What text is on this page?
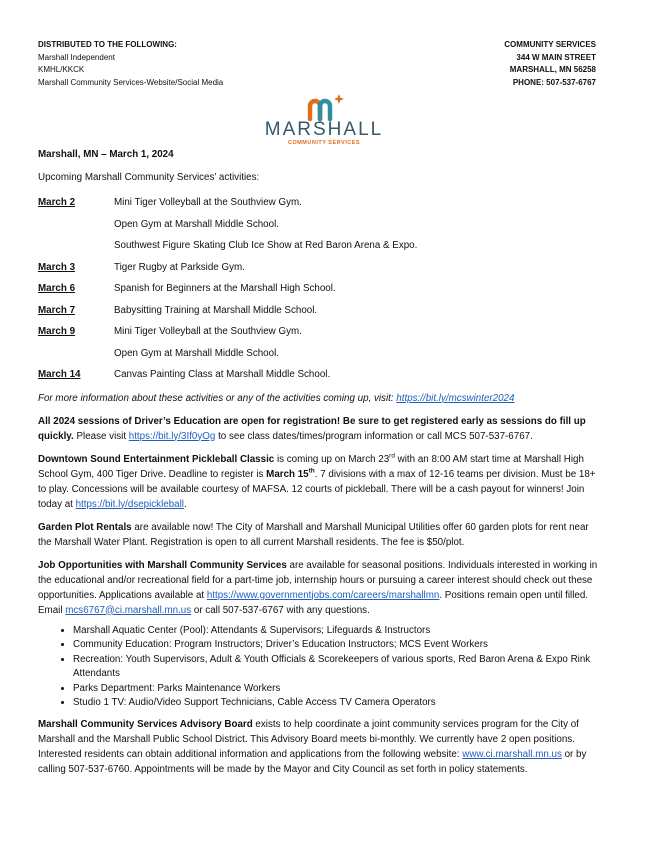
DISTRIBUTED TO THE FOLLOWING:
Marshall Independent
KMHL/KKCK
Marshall Community Services-Website/Social Media
COMMUNITY SERVICES
344 W MAIN STREET
MARSHALL, MN 56258
PHONE: 507-537-6767
MARSHALL
COMMUNITY SERVICES

Marshall, MN – March 1, 2024

Upcoming Marshall Community Services’ activities:

March 2	Mini Tiger Volleyball at the Southview Gym.
Open Gym at Marshall Middle School.
Southwest Figure Skating Club Ice Show at Red Baron Arena & Expo.
March 3	Tiger Rugby at Parkside Gym.
March 6	Spanish for Beginners at the Marshall High School.
March 7	Babysitting Training at Marshall Middle School.
March 9	Mini Tiger Volleyball at the Southview Gym.
Open Gym at Marshall Middle School.
March 14	Canvas Painting Class at Marshall Middle School.

For more information about these activities or any of the activities coming up, visit: https://bit.ly/mcswinter2024

All 2024 sessions of Driver’s Education are open for registration! Be sure to get registered early as sessions do fill up quickly. Please visit https://bit.ly/3If0yOg to see class dates/times/program information or call MCS 507-537-6767.

Downtown Sound Entertainment Pickleball Classic is coming up on March 23rd with an 8:00 AM start time at Marshall High School Gym, 400 Tiger Drive. Deadline to register is March 15th. 7 divisions with a max of 12-16 teams per division. Must be 18+ to play. Concessions will be available courtesy of MAFSA. 12 courts of pickleball. There will be a cash payout for winners! Join today at https://bit.ly/dsepickleball.

Garden Plot Rentals are available now! The City of Marshall and Marshall Municipal Utilities offer 60 garden plots for rent near the Marshall Water Plant. Registration is open to all current Marshall residents. The fee is $50/plot.

Job Opportunities with Marshall Community Services are available for seasonal positions. Individuals interested in working in the educational and/or recreational field for a part-time job, internship hours or pursuing a career interest should check out these opportunities. Applications available at https://www.governmentjobs.com/careers/marshallmn. Positions remain open until filled. Email mcs6767@ci.marshall.mn.us or call 507-537-6767 with any questions.

• Marshall Aquatic Center (Pool): Attendants & Supervisors; Lifeguards & Instructors
• Community Education: Program Instructors; Driver’s Education Instructors; MCS Event Workers
• Recreation: Youth Supervisors, Adult & Youth Officials & Scorekeepers of various sports, Red Baron Arena & Expo Rink Attendants
• Parks Department: Parks Maintenance Workers
• Studio 1 TV: Audio/Video Support Technicians, Cable Access TV Camera Operators

Marshall Community Services Advisory Board exists to help coordinate a joint community services program for the City of Marshall and the Marshall Public School District. This Advisory Board meets bi-monthly. We currently have 2 open positions. Interested residents can obtain additional information and applications from the following website: www.ci.marshall.mn.us or by calling 507-537-6760. Appointments will be made by the Mayor and City Council as set forth in policy statements.
